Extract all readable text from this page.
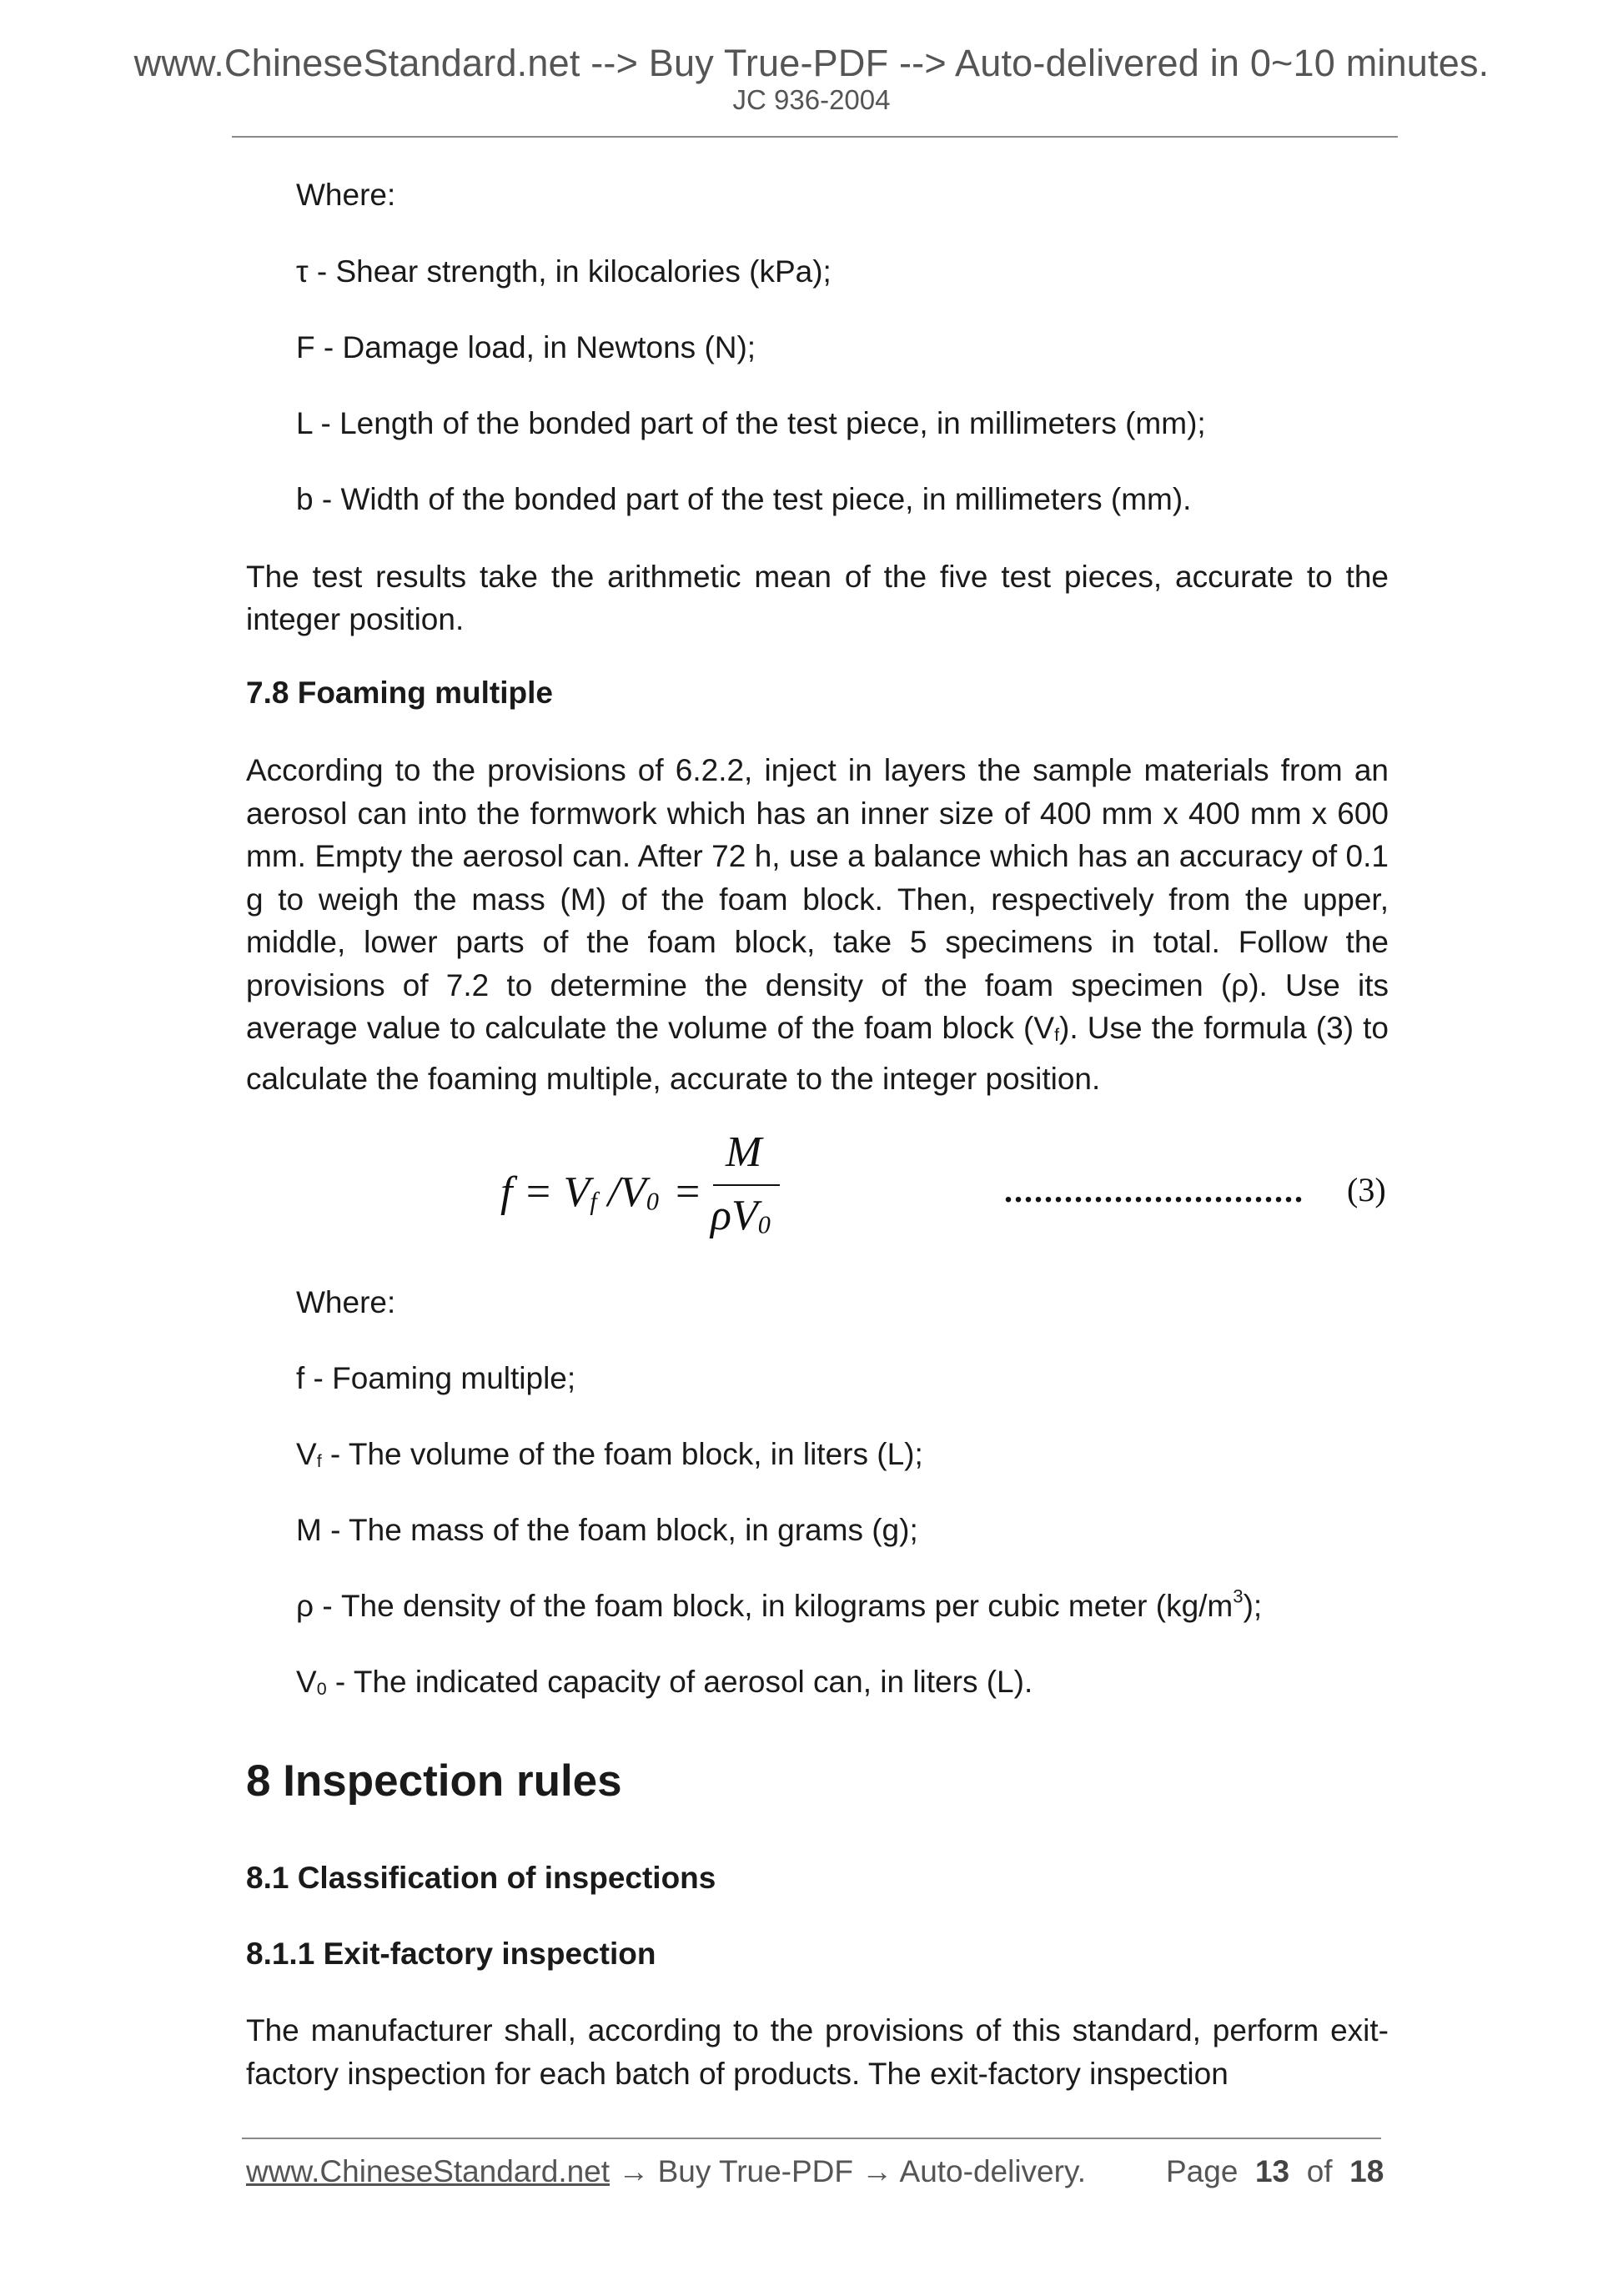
www.ChineseStandard.net --> Buy True-PDF --> Auto-delivered in 0~10 minutes.
JC 936-2004
Where:
τ - Shear strength, in kilocalories (kPa);
F - Damage load, in Newtons (N);
L - Length of the bonded part of the test piece, in millimeters (mm);
b - Width of the bonded part of the test piece, in millimeters (mm).
The test results take the arithmetic mean of the five test pieces, accurate to the integer position.
7.8 Foaming multiple
According to the provisions of 6.2.2, inject in layers the sample materials from an aerosol can into the formwork which has an inner size of 400 mm x 400 mm x 600 mm. Empty the aerosol can. After 72 h, use a balance which has an accuracy of 0.1 g to weigh the mass (M) of the foam block. Then, respectively from the upper, middle, lower parts of the foam block, take 5 specimens in total. Follow the provisions of 7.2 to determine the density of the foam specimen (ρ). Use its average value to calculate the volume of the foam block $(V_f)$. Use the formula (3) to calculate the foaming multiple, accurate to the integer position.
Where:
f - Foaming multiple;
$V_f$ - The volume of the foam block, in liters (L);
M - The mass of the foam block, in grams (g);
ρ - The density of the foam block, in kilograms per cubic meter $(kg/m^3)$;
$V_0$ - The indicated capacity of aerosol can, in liters (L).
8 Inspection rules
8.1 Classification of inspections
8.1.1 Exit-factory inspection
The manufacturer shall, according to the provisions of this standard, perform exit-factory inspection for each batch of products. The exit-factory inspection
$f = V_f$ $/V_0$ =
M
$\rho V_0$
.............................. (3)
www.ChineseStandard.net → Buy True-PDF → Auto-delivery.	Page 13 of 18
